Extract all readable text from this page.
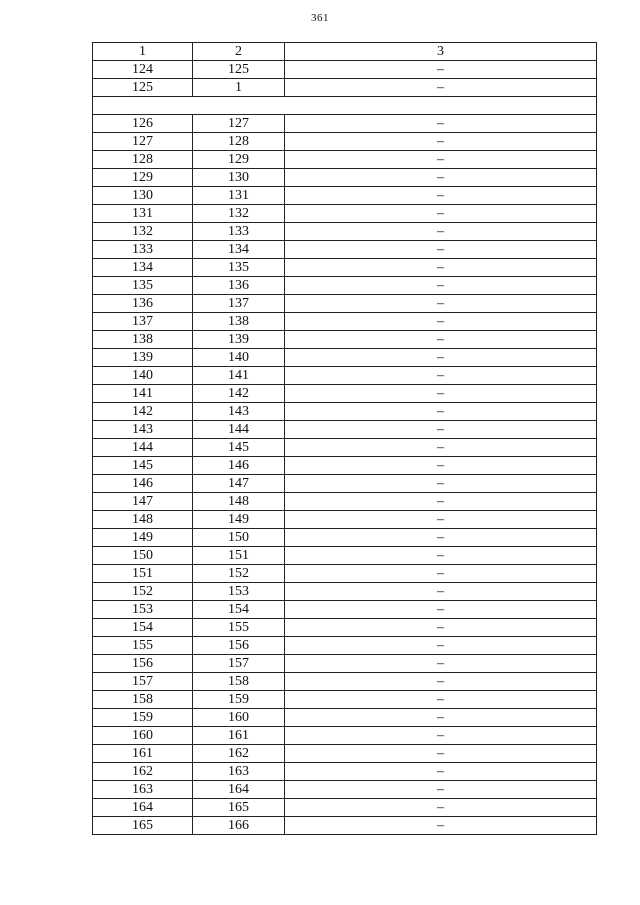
361
1	2	3
124	125	–
125	1	–

126	127	–
127	128	–
128	129	–
129	130	–
130	131	–
131	132	–
132	133	–
133	134	–
134	135	–
135	136	–
136	137	–
137	138	–
138	139	–
139	140	–
140	141	–
141	142	–
142	143	–
143	144	–
144	145	–
145	146	–
146	147	–
147	148	–
148	149	–
149	150	–
150	151	–
151	152	–
152	153	–
153	154	–
154	155	–
155	156	–
156	157	–
157	158	–
158	159	–
159	160	–
160	161	–
161	162	–
162	163	–
163	164	–
164	165	–
165	166	–
